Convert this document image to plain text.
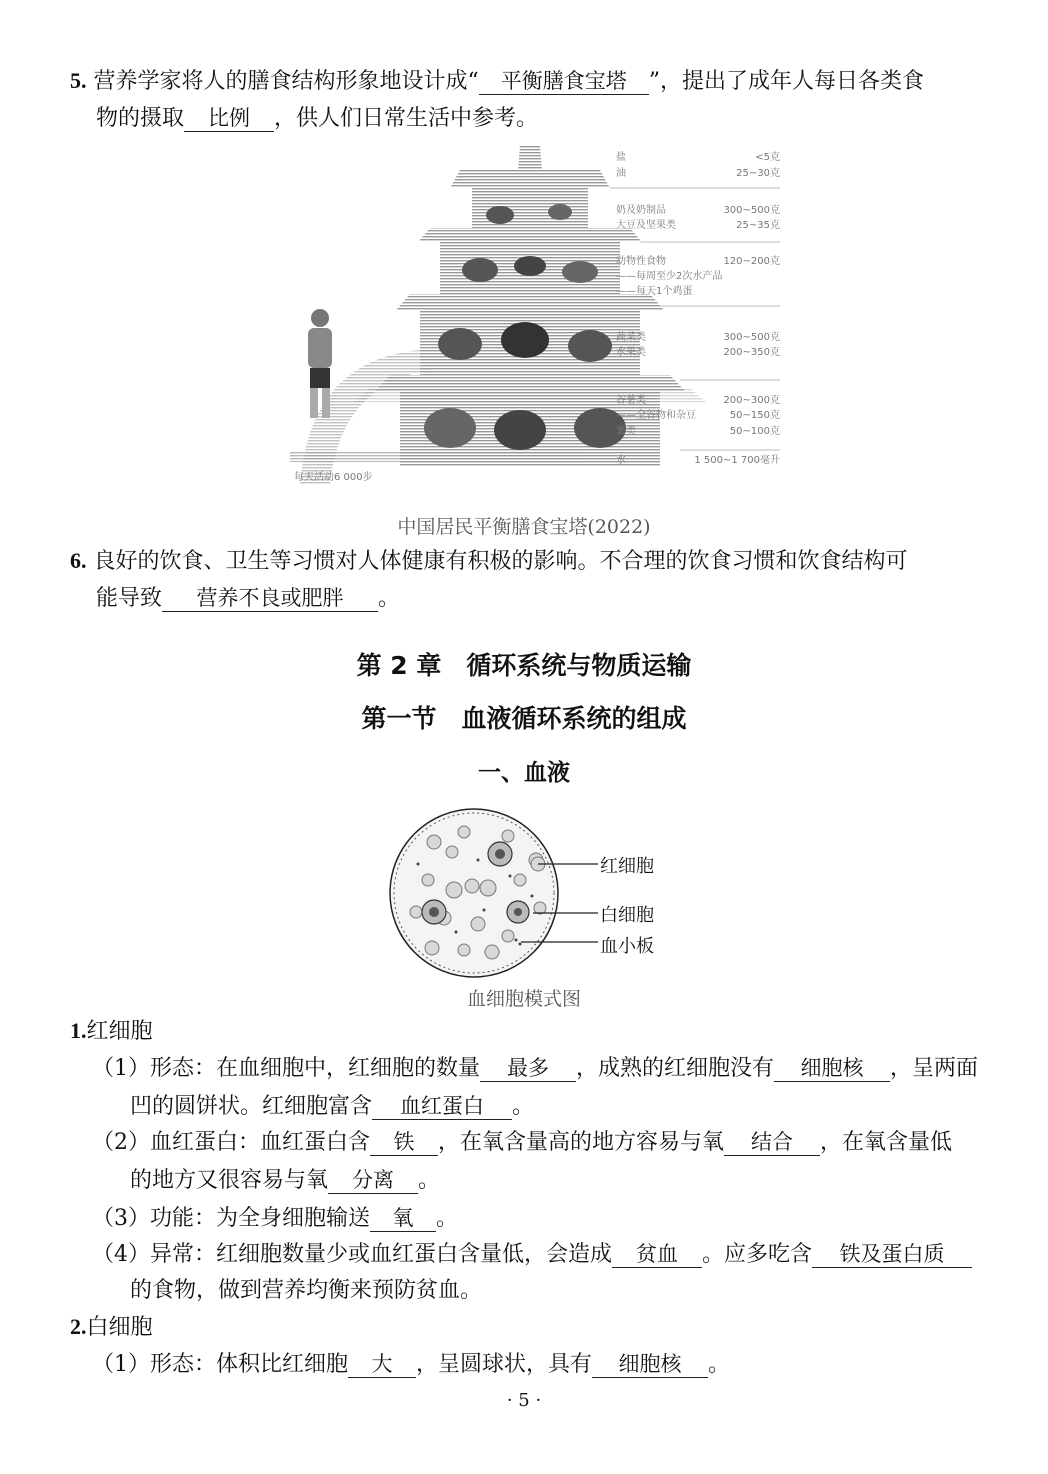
5. 营养学家将人的膳食结构形象地设计成“ 平衡膳食宝塔 ”，提出了成年人每日各类食
物的摄取 比例 ，供人们日常生活中参考。
盐	<5克
油	25~30克
奶及奶制品	300~500克
大豆及坚果类	25~35克
动物性食物	120~200克
——每周至少2次水产品
——每天1个鸡蛋
蔬菜类	300~500克
水果类	200~350克
谷薯类	200~300克
——全谷物和杂豆	50~150克
薯类	50~100克
水	1 500~1 700毫升
每天活动6 000步
中国居民平衡膳食宝塔(2022)
6. 良好的饮食、卫生等习惯对人体健康有积极的影响。不合理的饮食习惯和饮食结构可
能导致 营养不良或肥胖 。
第 2 章　循环系统与物质运输
第一节　血液循环系统的组成
一、血液
红细胞
白细胞
血小板
血细胞模式图
1.红细胞
（1）形态：在血细胞中，红细胞的数量 最多 ，成熟的红细胞没有 细胞核 ，呈两面
凹的圆饼状。红细胞富含 血红蛋白 。
（2）血红蛋白：血红蛋白含 铁 ，在氧含量高的地方容易与氧 结合 ，在氧含量低
的地方又很容易与氧 分离 。
（3）功能：为全身细胞输送 氧 。
（4）异常：红细胞数量少或血红蛋白含量低，会造成 贫血 。应多吃含 铁及蛋白质
的食物，做到营养均衡来预防贫血。
2.白细胞
（1）形态：体积比红细胞 大 ，呈圆球状，具有 细胞核 。
· 5 ·
